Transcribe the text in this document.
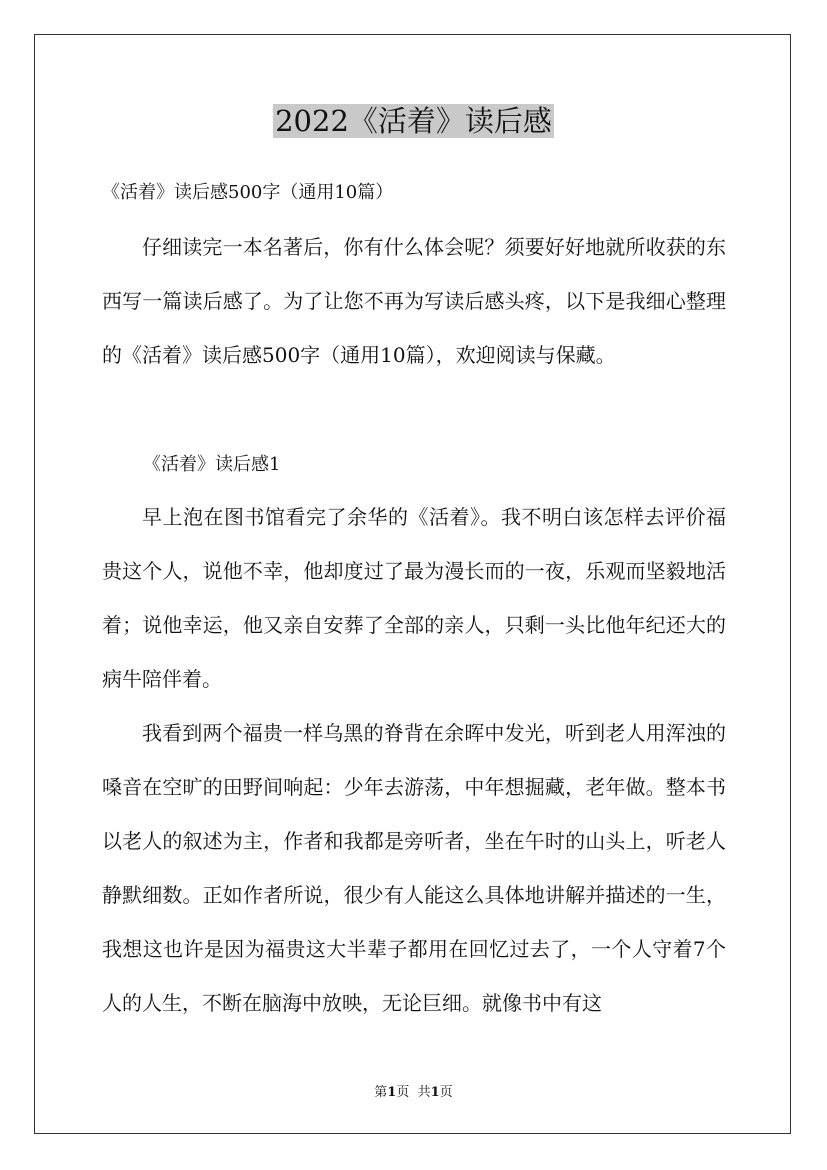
2022《活着》读后感
《活着》读后感500字（通用10篇）

仔细读完一本名著后，你有什么体会呢？须要好好地就所收获的东西写一篇读后感了。为了让您不再为写读后感头疼，以下是我细心整理的《活着》读后感500字（通用10篇），欢迎阅读与保藏。

《活着》读后感1

早上泡在图书馆看完了余华的《活着》。我不明白该怎样去评价福贵这个人，说他不幸，他却度过了最为漫长而的一夜，乐观而坚毅地活着；说他幸运，他又亲自安葬了全部的亲人，只剩一头比他年纪还大的病牛陪伴着。

我看到两个福贵一样乌黑的脊背在余晖中发光，听到老人用浑浊的嗓音在空旷的田野间响起：少年去游荡，中年想掘藏，老年做。整本书以老人的叙述为主，作者和我都是旁听者，坐在午时的山头上，听老人静默细数。正如作者所说，很少有人能这么具体地讲解并描述的一生，我想这也许是因为福贵这大半辈子都用在回忆过去了，一个人守着7个人的人生，不断在脑海中放映，无论巨细。就像书中有这

第1页 共1页
